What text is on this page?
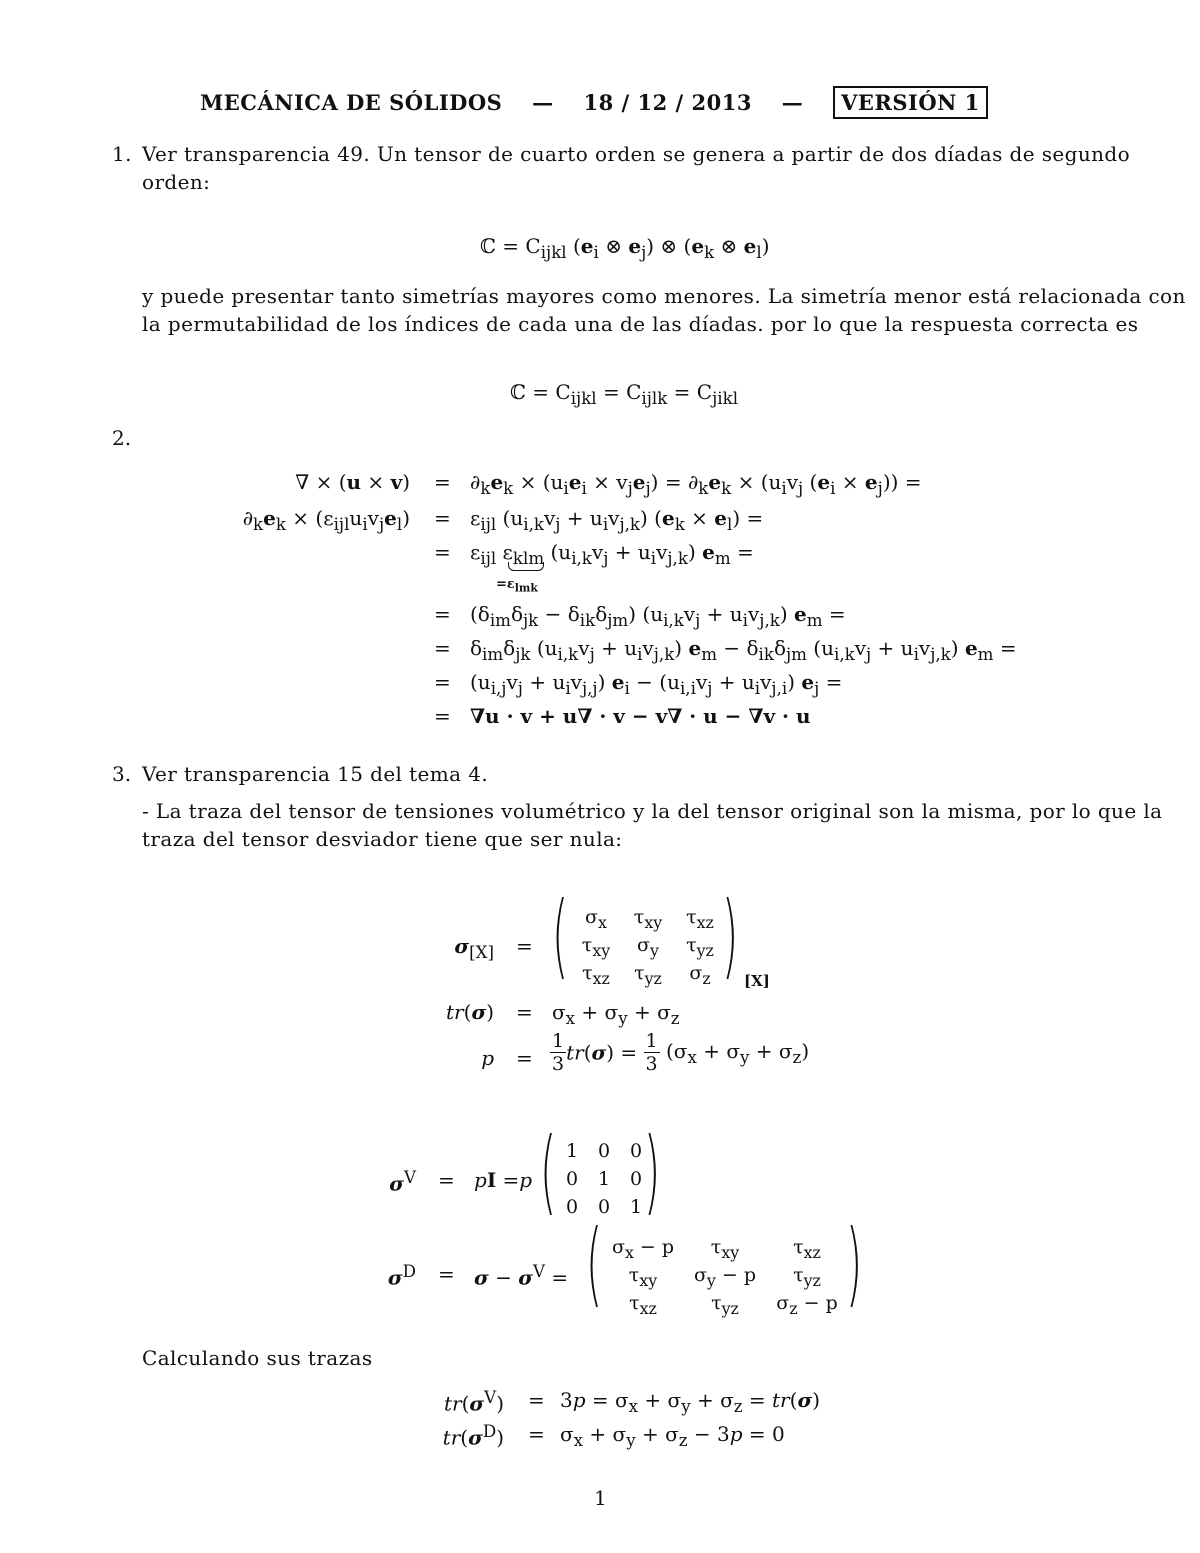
MECÁNICA DE SÓLIDOS — 18 / 12 / 2013 — VERSIÓN 1
1. Ver transparencia 49. Un tensor de cuarto orden se genera a partir de dos díadas de segundo
orden:
ℂ = $C_{ijkl}$ ($e_i$ ⊗ $e_j$) ⊗ ($e_k$ ⊗ $e_l$)
y puede presentar tanto simetrías mayores como menores. La simetría menor está relacionada con
la permutabilidad de los índices de cada una de las díadas. por lo que la respuesta correcta es
ℂ = $C_{ijkl} = C_{ijlk} = C_{jikl}$
2.
∇ × $(u \times v) = \partial_ke_k \times (u_ie_i \times v_je_j) = \partial_ke_k \times (u_iv_j$ $(e_i \times e_j)$) =
$\partial_ke_k \times (\varepsilon_{ijl}u_iv_je_l) = \varepsilon_{ijl}$ $(u_{i,k}v_j + u_iv_{j,k}) (e_k \times e_l)$ =
= $\varepsilon_{ijl}$ $\varepsilon_{klm}$ $(u_{i,k}v_j + u_iv_{j,k}) e_m$ =
= $(\delta_{im}\delta_{jk} - \delta_{ik}\delta_{jm}) (u_{i,k}v_j + u_iv_{j,k}) e_m$ =
= $\delta_{im}\delta_{jk}$ $(u_{i,k}v_j + u_iv_{j,k}) e_m - \delta_{ik}\delta_{jm}$ $(u_{i,k}v_j + u_iv_{j,k}) e_m$ =
= $(u_{i,j}v_j + u_iv_{j,j}) e_i - (u_{i,i}v_j + u_iv_{j,i}) e_j$ =
= ∇u · v + u∇ · v − v∇ · u − ∇v · u
$=\varepsilon_{lmk}$
3. Ver transparencia 15 del tema 4.
- La traza del tensor de tensiones volumétrico y la del tensor original son la misma, por lo que la
traza del tensor desviador tiene que ser nula:
$\sigma_{[X]}$ = ( $\sigma_x$	$\tau_{xy}$	$\tau_{xz}$
$\tau_{xy}$	$\sigma_y$	$\tau_{yz}$
$\tau_{xz}$	$\tau_{yz}$	$\sigma_z$ ) [X]
$tr(\sigma) = \sigma_x + \sigma_y + \sigma_z$
$p = \frac{1}{3} tr(\sigma) = \frac{1}{3} (\sigma_x + \sigma_y + \sigma_z)$
$\sigma^V$ = pI =p ( 1	0	0
0	1	0
0	0	1 )
$\sigma^D = \sigma - \sigma^V$ = ( $\sigma_x - p$	$\tau_{xy}$	$\tau_{xz}$
$\tau_{xy}$	$\sigma_y - p$	$\tau_{yz}$
$\tau_{xz}$	$\tau_{yz}$	$\sigma_z - p$ )
Calculando sus trazas
$tr(\sigma^V) = 3p = \sigma_x + \sigma_y + \sigma_z = tr(\sigma)$
$tr(\sigma^D) = \sigma_x + \sigma_y + \sigma_z - 3p = 0$
1
